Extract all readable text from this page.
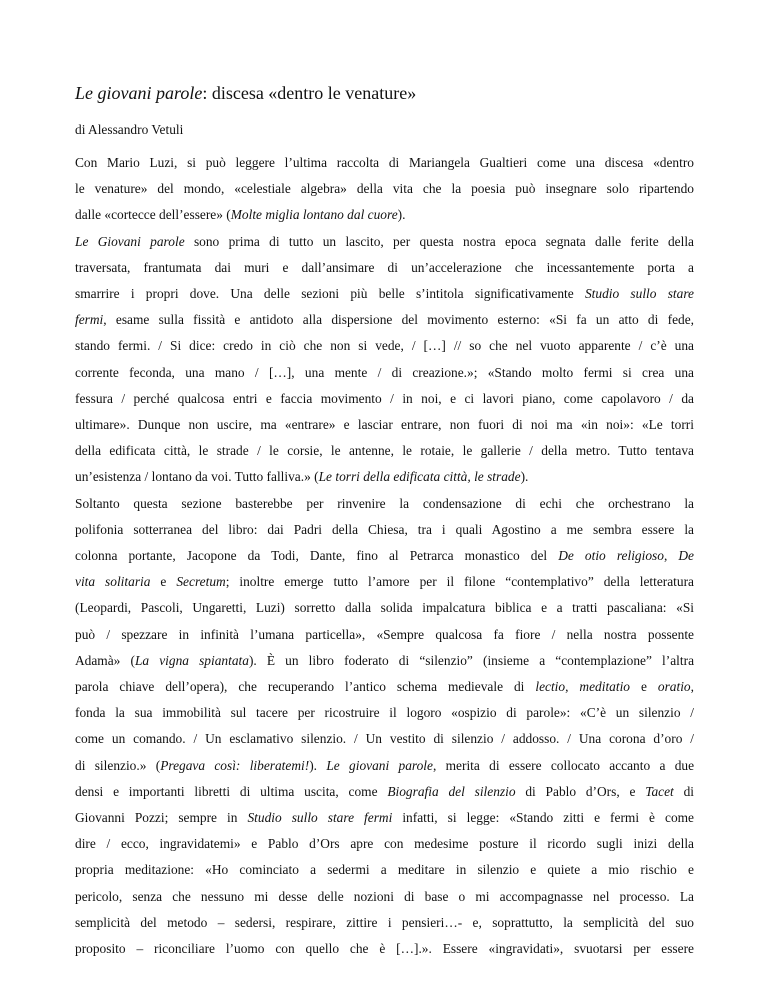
Le giovani parole: discesa «dentro le venature»
di Alessandro Vetuli
Con Mario Luzi, si può leggere l’ultima raccolta di Mariangela Gualtieri come una discesa «dentro
le venature» del mondo, «celestiale algebra» della vita che la poesia può insegnare solo ripartendo
dalle «cortecce dell’essere» (Molte miglia lontano dal cuore).
Le Giovani parole sono prima di tutto un lascito, per questa nostra epoca segnata dalle ferite della
traversata, frantumata dai muri e dall’ansimare di un’accelerazione che incessantemente porta a
smarrire i propri dove. Una delle sezioni più belle s’intitola significativamente Studio sullo stare
fermi, esame sulla fissità e antidoto alla dispersione del movimento esterno: «Si fa un atto di fede,
stando fermi. / Si dice: credo in ciò che non si vede, / […] // so che nel vuoto apparente / c’è una
corrente feconda, una mano / […], una mente / di creazione.»; «Stando molto fermi si crea una
fessura / perché qualcosa entri e faccia movimento / in noi, e ci lavori piano, come capolavoro / da
ultimare». Dunque non uscire, ma «entrare» e lasciar entrare, non fuori di noi ma «in noi»: «Le torri
della edificata città, le strade / le corsie, le antenne, le rotaie, le gallerie / della metro. Tutto tentava
un’esistenza / lontano da voi. Tutto falliva.» (Le torri della edificata città, le strade).
Soltanto questa sezione basterebbe per rinvenire la condensazione di echi che orchestrano la
polifonia sotterranea del libro: dai Padri della Chiesa, tra i quali Agostino a me sembra essere la
colonna portante, Jacopone da Todi, Dante, fino al Petrarca monastico del De otio religioso, De
vita solitaria e Secretum; inoltre emerge tutto l’amore per il filone “contemplativo” della letteratura
(Leopardi, Pascoli, Ungaretti, Luzi) sorretto dalla solida impalcatura biblica e a tratti pascaliana: «Si
può / spezzare in infinità l’umana particella», «Sempre qualcosa fa fiore / nella nostra possente
Adamà» (La vigna spiantata). È un libro foderato di “silenzio” (insieme a “contemplazione” l’altra
parola chiave dell’opera), che recuperando l’antico schema medievale di lectio, meditatio e oratio,
fonda la sua immobilità sul tacere per ricostruire il logoro «ospizio di parole»: «C’è un silenzio /
come un comando. / Un esclamativo silenzio. / Un vestito di silenzio / addosso. / Una corona d’oro /
di silenzio.» (Pregava così: liberatemi!). Le giovani parole, merita di essere collocato accanto a due
densi e importanti libretti di ultima uscita, come Biografia del silenzio di Pablo d’Ors, e Tacet di
Giovanni Pozzi; sempre in Studio sullo stare fermi infatti, si legge: «Stando zitti e fermi è come
dire / ecco, ingravidatemi» e Pablo d’Ors apre con medesime posture il ricordo sugli inizi della
propria meditazione: «Ho cominciato a sedermi a meditare in silenzio e quiete a mio rischio e
pericolo, senza che nessuno mi desse delle nozioni di base o mi accompagnasse nel processo. La
semplicità del metodo – sedersi, respirare, zittire i pensieri…- e, soprattutto, la semplicità del suo
proposito – riconciliare l’uomo con quello che è […].». Essere «ingravidati», svuotarsi per essere
